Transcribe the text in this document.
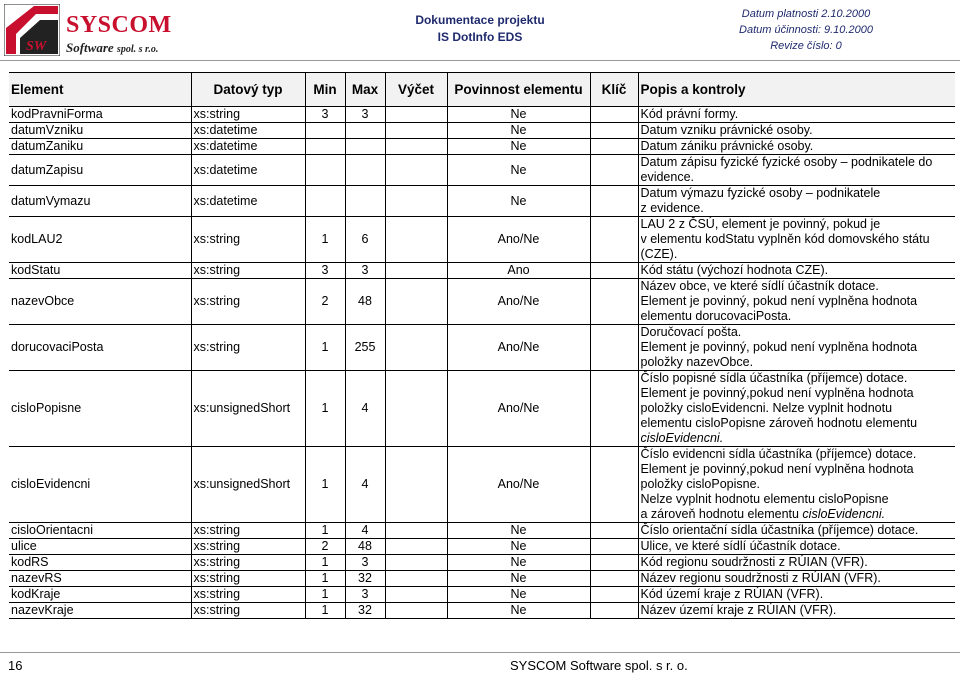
SW
SYSCOM
Software spol. s r.o.
Dokumentace projektu
IS DotInfo EDS
Datum platnosti 2.10.2000
Datum účinnosti: 9.10.2000
Revize číslo: 0
Element	Datový typ	Min	Max	Výčet	Povinnost elementu	Klíč	Popis a kontroly
kodPravniForma	xs:string	3	3		Ne		Kód právní formy.

datumVzniku	xs:datetime				Ne		Datum vzniku právnické osoby.

datumZaniku	xs:datetime				Ne		Datum zániku právnické osoby.

datumZapisu	xs:datetime				Ne		Datum zápisu fyzické fyzické osoby – podnikatele do
evidence.

datumVymazu	xs:datetime				Ne		Datum výmazu fyzické osoby – podnikatele
z evidence.

kodLAU2	xs:string	1	6		Ano/Ne		LAU 2 z ČSÚ, element je povinný, pokud je
v elementu kodStatu vyplněn kód domovského státu
(CZE).

kodStatu	xs:string	3	3		Ano		Kód státu (výchozí hodnota CZE).

nazevObce	xs:string	2	48		Ano/Ne		Název obce, ve které sídlí účastník dotace.
Element je povinný, pokud není vyplněna hodnota
elementu dorucovaciPosta.

dorucovaciPosta	xs:string	1	255		Ano/Ne		Doručovací pošta.
Element je povinný, pokud není vyplněna hodnota
položky nazevObce.

cisloPopisne	xs:unsignedShort	1	4		Ano/Ne		Číslo popisné sídla účastníka (příjemce) dotace.
Element je povinný,pokud není vyplněna hodnota
položky cisloEvidencni. Nelze vyplnit hodnotu
elementu cisloPopisne zároveň hodnotu elementu
cisloEvidencni.

cisloEvidencni	xs:unsignedShort	1	4		Ano/Ne		Číslo evidencni sídla účastníka (příjemce) dotace.
Element je povinný,pokud není vyplněna hodnota
položky cisloPopisne.
Nelze vyplnit hodnotu elementu cisloPopisne
a zároveň hodnotu elementu cisloEvidencni.

cisloOrientacni	xs:string	1	4		Ne		Číslo orientační sídla účastníka (příjemce) dotace.

ulice	xs:string	2	48		Ne		Ulice, ve které sídlí účastník dotace.

kodRS	xs:string	1	3		Ne		Kód regionu soudržnosti z RÚIAN (VFR).

nazevRS	xs:string	1	32		Ne		Název regionu soudržnosti z RÚIAN (VFR).

kodKraje	xs:string	1	3		Ne		Kód území kraje z RÚIAN (VFR).

nazevKraje	xs:string	1	32		Ne		Název území kraje z RÚIAN (VFR).
16	SYSCOM Software spol. s r. o.
